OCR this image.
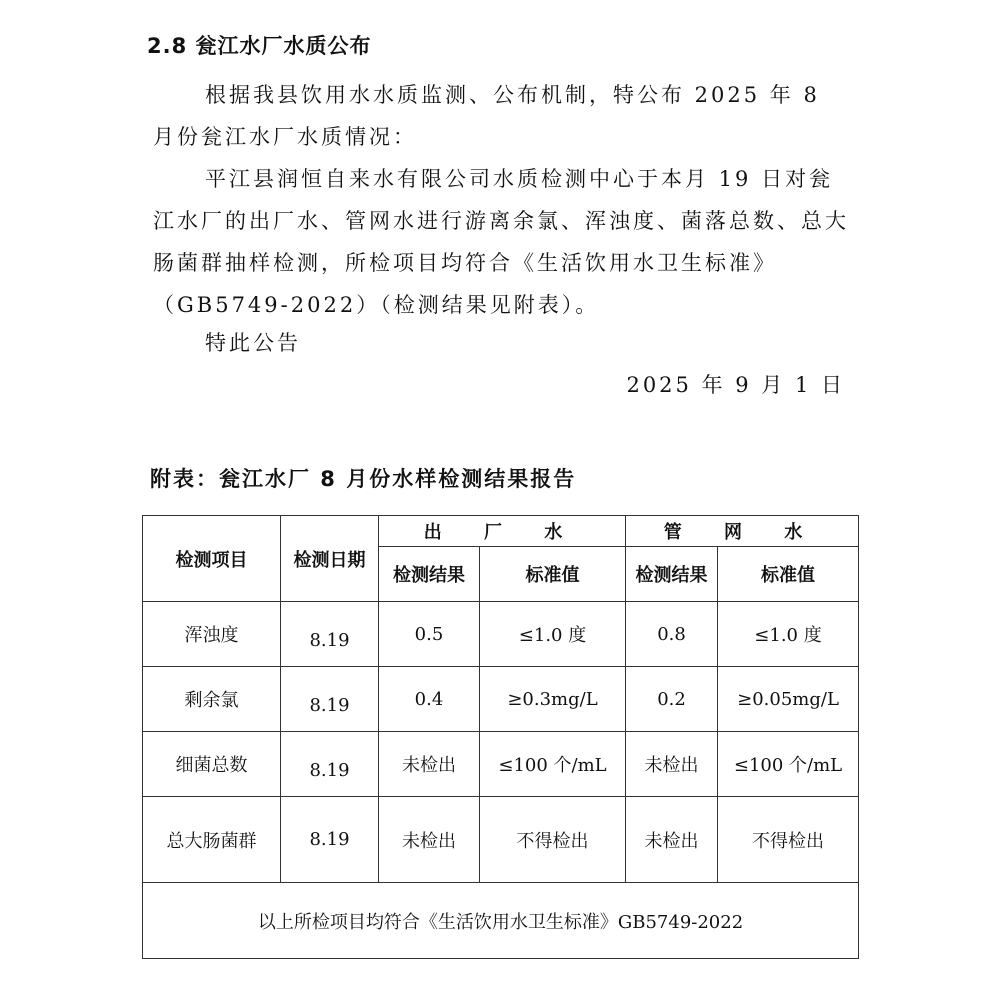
2.8 瓮江水厂水质公布

根据我县饮用水水质监测、公布机制，特公布 2025 年 8 月份瓮江水厂水质情况：

平江县润恒自来水有限公司水质检测中心于本月 19 日对瓮江水厂的出厂水、管网水进行游离余氯、浑浊度、菌落总数、总大肠菌群抽样检测，所检项目均符合《生活饮用水卫生标准》（GB5749-2022）（检测结果见附表）。

特此公告

2025 年 9 月 1 日

附表：瓮江水厂 8 月份水样检测结果报告
检测项目	检测日期	出 厂 水		管 网 水	
		检测结果	标准值	检测结果	标准值
浑浊度	8.19	0.5	≤1.0 度	0.8	≤1.0 度
剩余氯	8.19	0.4	≥0.3mg/L	0.2	≥0.05mg/L
细菌总数	8.19	未检出	≤100 个/mL	未检出	≤100 个/mL
总大肠菌群	8.19	未检出	不得检出	未检出	不得检出
以上所检项目均符合《生活饮用水卫生标准》GB5749-2022					
